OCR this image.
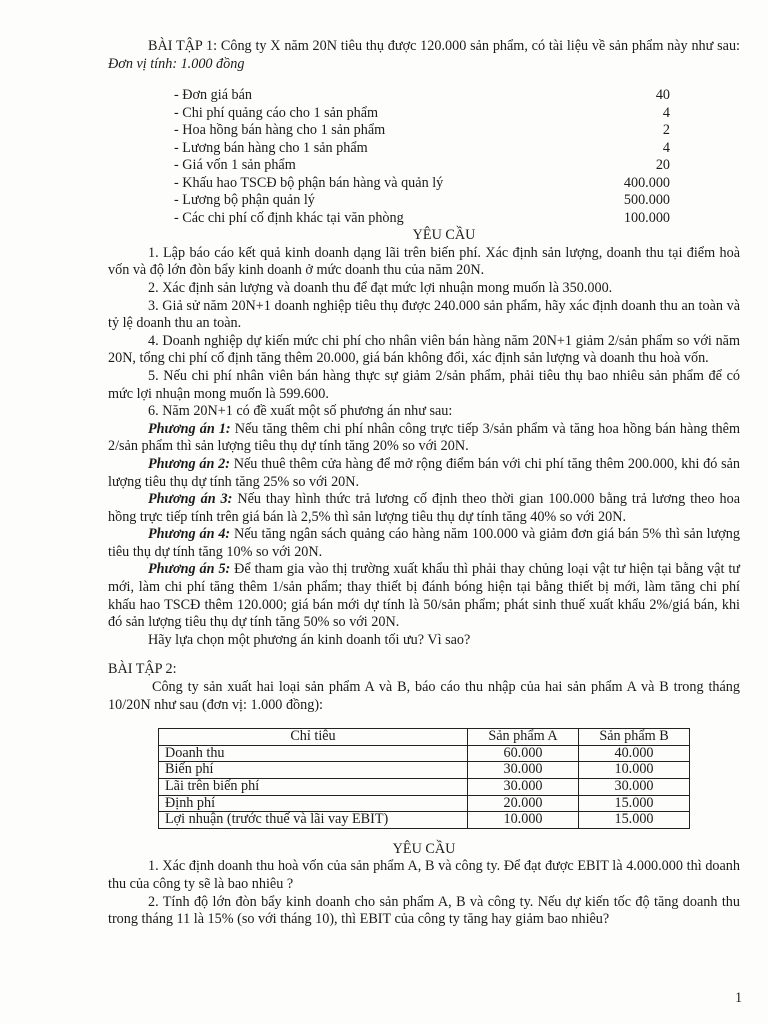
BÀI TẬP 1: Công ty X năm 20N tiêu thụ được 120.000 sản phẩm, có tài liệu về sản phẩm này như sau: Đơn vị tính: 1.000 đồng

- Đơn giá bán	40
- Chi phí quảng cáo cho 1 sản phẩm	4
- Hoa hồng bán hàng cho 1 sản phẩm	2
- Lương bán hàng cho 1 sản phẩm	4
- Giá vốn 1 sản phẩm	20
- Khấu hao TSCĐ bộ phận bán hàng và quản lý	400.000
- Lương bộ phận quản lý	500.000
- Các chi phí cố định khác tại văn phòng	100.000

YÊU CẦU

1. Lập báo cáo kết quả kinh doanh dạng lãi trên biến phí. Xác định sản lượng, doanh thu tại điểm hoà vốn và độ lớn đòn bẩy kinh doanh ở mức doanh thu của năm 20N.

2. Xác định sản lượng và doanh thu để đạt mức lợi nhuận mong muốn là 350.000.

3. Giả sử năm 20N+1 doanh nghiệp tiêu thụ được 240.000 sản phẩm, hãy xác định doanh thu an toàn và tỷ lệ doanh thu an toàn.

4. Doanh nghiệp dự kiến mức chi phí cho nhân viên bán hàng năm 20N+1 giảm 2/sản phẩm so với năm 20N, tổng chi phí cố định tăng thêm 20.000, giá bán không đổi, xác định sản lượng và doanh thu hoà vốn.

5. Nếu chi phí nhân viên bán hàng thực sự giảm 2/sản phẩm, phải tiêu thụ bao nhiêu sản phẩm để có mức lợi nhuận mong muốn là 599.600.

6. Năm 20N+1 có đề xuất một số phương án như sau:

Phương án 1: Nếu tăng thêm chi phí nhân công trực tiếp 3/sản phẩm và tăng hoa hồng bán hàng thêm 2/sản phẩm thì sản lượng tiêu thụ dự tính tăng 20% so với 20N.

Phương án 2: Nếu thuê thêm cửa hàng để mở rộng điểm bán với chi phí tăng thêm 200.000, khi đó sản lượng tiêu thụ dự tính tăng 25% so với 20N.

Phương án 3: Nếu thay hình thức trả lương cố định theo thời gian 100.000 bằng trả lương theo hoa hồng trực tiếp tính trên giá bán là 2,5% thì sản lượng tiêu thụ dự tính tăng 40% so với 20N.

Phương án 4: Nếu tăng ngân sách quảng cáo hàng năm 100.000 và giảm đơn giá bán 5% thì sản lượng tiêu thụ dự tính tăng 10% so với 20N.

Phương án 5: Để tham gia vào thị trường xuất khẩu thì phải thay chủng loại vật tư hiện tại bằng vật tư mới, làm chi phí tăng thêm 1/sản phẩm; thay thiết bị đánh bóng hiện tại bằng thiết bị mới, làm tăng chi phí khấu hao TSCĐ thêm 120.000; giá bán mới dự tính là 50/sản phẩm; phát sinh thuế xuất khẩu 2%/giá bán, khi đó sản lượng tiêu thụ dự tính tăng 50% so với 20N.

Hãy lựa chọn một phương án kinh doanh tối ưu? Vì sao?

BÀI TẬP 2:

Công ty sản xuất hai loại sản phẩm A và B, báo cáo thu nhập của hai sản phẩm A và B trong tháng 10/20N như sau (đơn vị: 1.000 đồng):

Chỉ tiêu	Sản phẩm A	Sản phẩm B
Doanh thu	60.000	40.000
Biến phí	30.000	10.000
Lãi trên biến phí	30.000	30.000
Định phí	20.000	15.000
Lợi nhuận (trước thuế và lãi vay EBIT)	10.000	15.000

YÊU CẦU

1. Xác định doanh thu hoà vốn của sản phẩm A, B và công ty. Để đạt được EBIT là 4.000.000 thì doanh thu của công ty sẽ là bao nhiêu ?

2. Tính độ lớn đòn bẩy kinh doanh cho sản phẩm A, B và công ty. Nếu dự kiến tốc độ tăng doanh thu trong tháng 11 là 15% (so với tháng 10), thì EBIT của công ty tăng hay giảm bao nhiêu?

1
